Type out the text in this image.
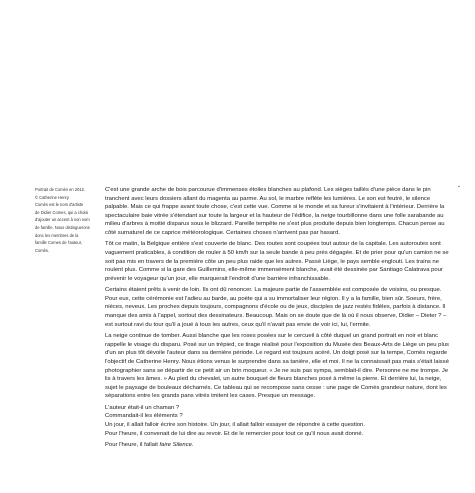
Portrait de Comès en 2012.

© Catherine Henry

Comès est le nom d'artiste

de Didier Comes, qui a choisi

d'ajouter un accent à son nom

de famille. Nous distinguerons

donc les membres de la

famille Comes de l'auteur,

Comès.

▪

C'est une grande arche de bois parcourue d'immenses étoiles blanches au plafond. Les sièges taillés d'une pièce dans le pin tranchent avec leurs dossiers allant du magenta au parme. Au sol, le marbre reflète les lumières. Le son est feutré, le silence palpable. Mais ce qui frappe avant toute chose, c'est cette vue. Comme si le monde et sa fureur s'invitaient à l'intérieur. Derrière la spectaculaire baie vitrée s'étendant sur toute la largeur et la hauteur de l'édifice, la neige tourbillonne dans une folle sarabande au milieu d'arbres à moitié disparus sous le blizzard. Pareille tempête ne s'est plus produite depuis bien longtemps. Chacun pense au côté surnaturel de ce caprice météorologique. Certaines choses n'arrivent pas par hasard.

Tôt ce matin, la Belgique entière s'est couverte de blanc. Des routes sont coupées tout autour de la capitale. Les autoroutes sont vaguement praticables, à condition de rouler à 50 km/h sur la seule bande à peu près dégagée. Et de prier pour qu'un camion ne se soit pas mis en travers de la première côte un peu plus raide que les autres. Passé Liège, le pays semble englouti. Les trains ne roulent plus. Comme si la gare des Guillemins, elle-même immensément blanche, avait été dessinée par Santiago Calatrava pour prévenir le voyageur qu'un jour, elle marquerait l'endroit d'une barrière infranchissable.

Certains étaient prêts à venir de loin. Ils ont dû renoncer. La majeure partie de l'assemblée est composée de voisins, ou presque. Pour eux, cette cérémonie est l'adieu au barde, au poète qui a su immortaliser leur région. Il y a la famille, bien sûr. Soeurs, frère, nièces, neveux. Les proches depuis toujours, compagnons d'école ou de jeux, disciples de jazz restés fidèles, parfois à distance. Il manque des amis à l'appel, sortout des dessinateurs. Beaucoup. Mais on se doute que de là où il nous observe, Didier – Dieter ? – est surtout ravi du tour qu'il a joué à tous les autres, ceux qu'il n'avait pas envie de voir ici, lui, l'ermite.

La neige continue de tomber. Aussi blanche que les roses posées sur le cercueil à côté duquel un grand portrait en noir et blanc rappelle le visage du disparu. Posé sur un trépied, ce tirage réalisé pour l'exposition du Musée des Beaux-Arts de Liège un peu plus d'un an plus tôt dévoile l'auteur dans sa dernière période. Le regard est toujours acéré. Un doigt posé sur la tempe, Comès regarde l'objectif de Catherine Henry. Nous étions venus le surprendre dans sa tanière, elle et moi. Il ne la connaissait pas mais s'était laissé photographier sans se départir de ce petit air un brin moqueur. « Je ne suis pas sympa, semblait-il dire. Personne ne me trompe. Je lis à travers les âmes. » Au pied du chevalet, un autre bouquet de fleurs blanches posé à même la pierre. Et derrière lui, la neige, sujet le paysage de bouleaux décharnés. Ce tableau qui se recompose sans cesse : une page de Comès grandeur nature, dont les séparations entre les grands pans vitrés imitent les cases. Presque un message.

L'auteur était-il un chaman ?

Commandait-il les éléments ?

Un jour, il allait falloir écrire son histoire. Un jour, il allait falloir essayer de répondre à cette question.

Pour l'heure, il convenait de lui dire au revoir. Et de le remercier pour tout ce qu'il nous avait donné.

Pour l'heure, il fallait faire Silence.
